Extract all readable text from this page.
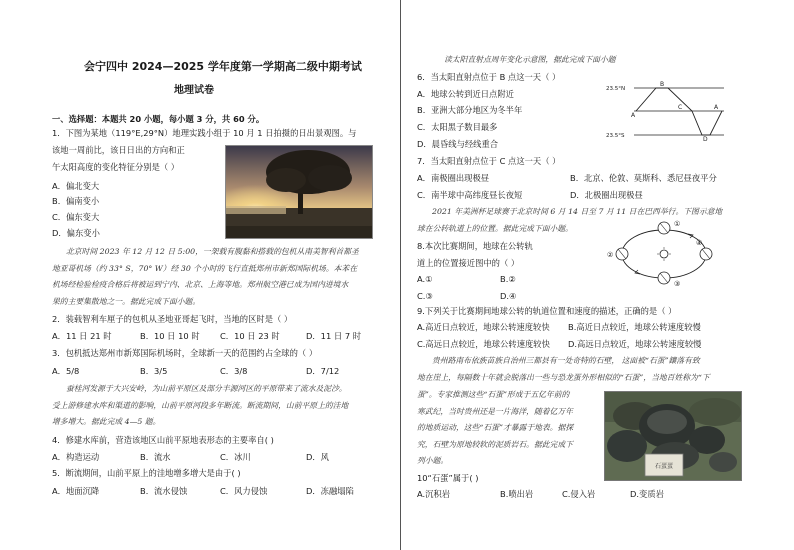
会宁四中 2024—2025 学年度第一学期高二级中期考试
地理试卷
一、选择题：本题共 20 小题，每小题 3 分，共 60 分。
1．下图为某地（119°E,29°N）地理实践小组于 10 月 1 日拍摄的日出景观图。与
该地一周前比，该日日出的方向和正
午太阳高度的变化特征分别是（ ）
A．偏北变大
B．偏南变小
C．偏东变大
D．偏东变小
北京时间 2023 年 12 月 12 日 5:00，一架载有腹黏和搭载的包机从南美智利首都圣
地亚哥机场（约 33° S，70° W）经 30 个小时的飞行直抵郑州市新郑国际机场。本苯在
机场经检验检疫合格后将被运到宁内、北京、上海等地。郑州航空港已成为国内进境水
果的主要集散地之一。据此完成下面小题。
2．装载智利车厘子的包机从圣地亚哥起飞时，当地的区时是（ ）
A．11 日 21 时	B．10 日 10 时 C．10 日 23 时	D．11 日 7 时
3．包机抵达郑州市新郑国际机场时，全球新一天的范围约占全球的（ ）
A．5/8	B．3/5	C．3/8	D．7/12
蚕桂河发源于大兴安岭，为山前平原区及部分丰源河区的平原带来了流水及泥沙。
受上游修建水库和渠道的影响，山前平原河段多年断流。断流期间，山前平原上的洼地
增多增大。据此完成 4—5 题。
4．修建水库前，营造该地区山前平原地表形态的主要率自( )
A．构造运动	B．流水	C．冰川	D．风
5．断流期间，山前平原上的洼地增多增大是由于( )
A．地面沉降	B．流水侵蚀	C．风力侵蚀	D．冻融塌陷
读太阳直射点周年变化示意图，据此完成下面小题
6．当太阳直射点位于 B 点这一天（ ）
A．地球公转到近日点附近
B．亚洲大部分地区为冬半年
C．太阳黑子数目最多
D．晨昏线与经线重合
23.5°N
23.5°S
A
B
C
D
A
7．当太阳直射点位于 C 点这一天（ ）
A．南极圈出现极昼	B．北京、伦敦、莫斯科、悉尼昼夜平分
C．南半球中高纬度昼长夜短	D．北极圈出现极昼
2021 年美洲杯足球赛于北京时间 6 月 14 日至 7 月 11 日在巴西举行。下图示意地
球在公转轨道上的位置。据此完成下面小题。
8.本次比赛期间，地球在公转轨
道上的位置接近图中的（ ）
A.①	B.②
C.③	D.④
①
②
③
④
9.下列关于比赛期间地球公转的轨道位置和速度的描述，正确的是（ ）
A.高近日点较近，地球公转速度较快 B.高近日点较近，地球公转速度较慢
C.高远日点较近，地球公转速度较快 D.高远日点较近，地球公转速度较慢
贵州路南布依族苗族自治州三都县有一处奇特的石壁， 这面被“石蛋”鑲落有致
地在崖上，每隔数十年就会脱落出一些与恐龙蛋外形相似的“石蛋”，当地百姓称为“下
蛋”。专家推测这些“石蛋”形成于五亿年前的
寒武纪，当时贵州还是一片海洋，随着亿万年
的地质运动，这些“石蛋”才暴露于地表。据探
究，石壁为原地较软的泥质岩石。据此完成下
列小题。
石蛋蛋
10“石蛋”属于( )
A.沉积岩	B.喷出岩	C.侵入岩	D.变质岩
